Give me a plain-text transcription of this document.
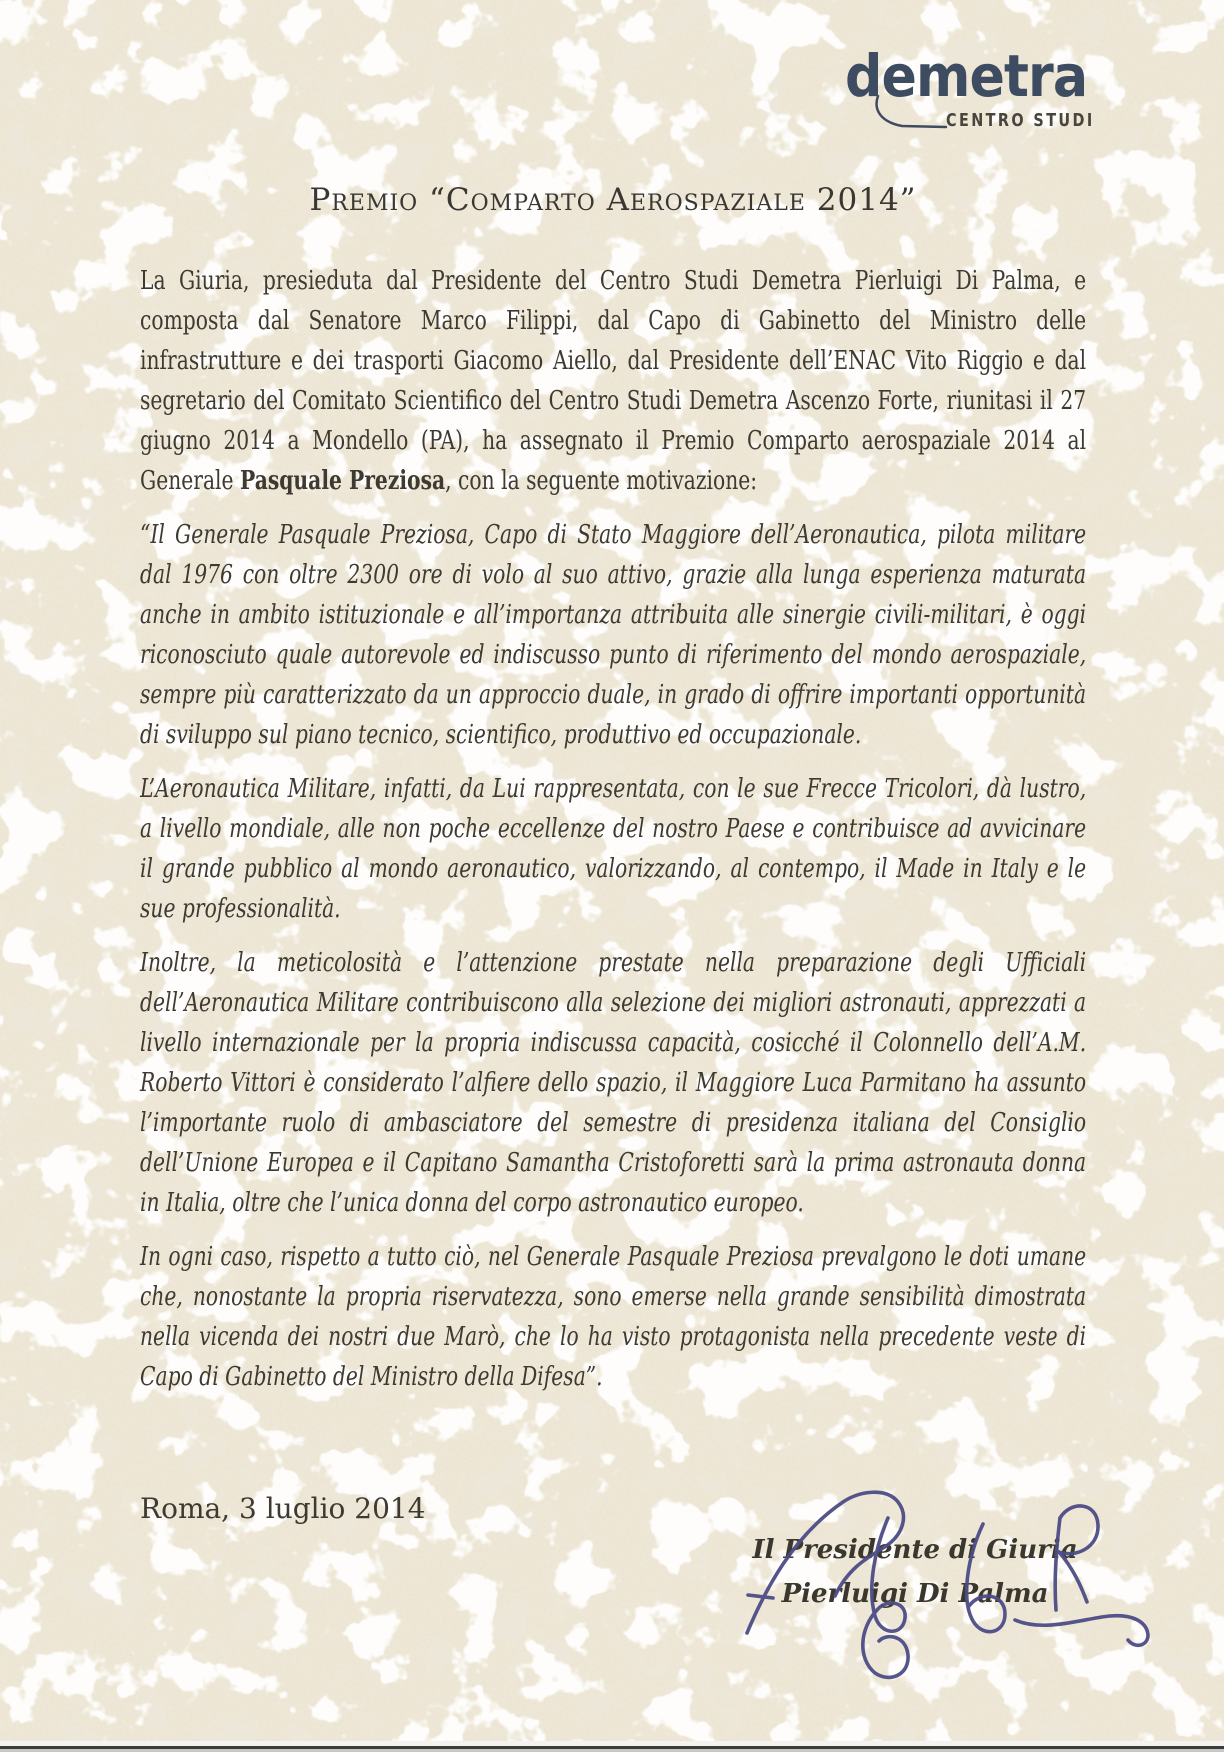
demetra
CENTRO STUDI
Premio “Comparto Aerospaziale 2014”

La Giuria, presieduta dal Presidente del Centro Studi Demetra Pierluigi Di Palma, e composta dal Senatore Marco Filippi, dal Capo di Gabinetto del Ministro delle infrastrutture e dei trasporti Giacomo Aiello, dal Presidente dell’ENAC Vito Riggio e dal segretario del Comitato Scientifico del Centro Studi Demetra Ascenzo Forte, riunitasi il 27 giugno 2014 a Mondello (PA), ha assegnato il Premio Comparto aerospaziale 2014 al Generale Pasquale Preziosa, con la seguente motivazione:

“Il Generale Pasquale Preziosa, Capo di Stato Maggiore dell’Aeronautica, pilota militare dal 1976 con oltre 2300 ore di volo al suo attivo, grazie alla lunga esperienza maturata anche in ambito istituzionale e all’importanza attribuita alle sinergie civili-militari, è oggi riconosciuto quale autorevole ed indiscusso punto di riferimento del mondo aerospaziale, sempre più caratterizzato da un approccio duale, in grado di offrire importanti opportunità di sviluppo sul piano tecnico, scientifico, produttivo ed occupazionale.

L’Aeronautica Militare, infatti, da Lui rappresentata, con le sue Frecce Tricolori, dà lustro, a livello mondiale, alle non poche eccellenze del nostro Paese e contribuisce ad avvicinare il grande pubblico al mondo aeronautico, valorizzando, al contempo, il Made in Italy e le sue professionalità.

Inoltre, la meticolosità e l’attenzione prestate nella preparazione degli Ufficiali dell’Aeronautica Militare contribuiscono alla selezione dei migliori astronauti, apprezzati a livello internazionale per la propria indiscussa capacità, cosicché il Colonnello dell’A.M. Roberto Vittori è considerato l’alfiere dello spazio, il Maggiore Luca Parmitano ha assunto l’importante ruolo di ambasciatore del semestre di presidenza italiana del Consiglio dell’Unione Europea e il Capitano Samantha Cristoforetti sarà la prima astronauta donna in Italia, oltre che l’unica donna del corpo astronautico europeo.

In ogni caso, rispetto a tutto ciò, nel Generale Pasquale Preziosa prevalgono le doti umane che, nonostante la propria riservatezza, sono emerse nella grande sensibilità dimostrata nella vicenda dei nostri due Marò, che lo ha visto protagonista nella precedente veste di Capo di Gabinetto del Ministro della Difesa”.

Roma, 3 luglio 2014
Il Presidente di Giuria
Pierluigi Di Palma
